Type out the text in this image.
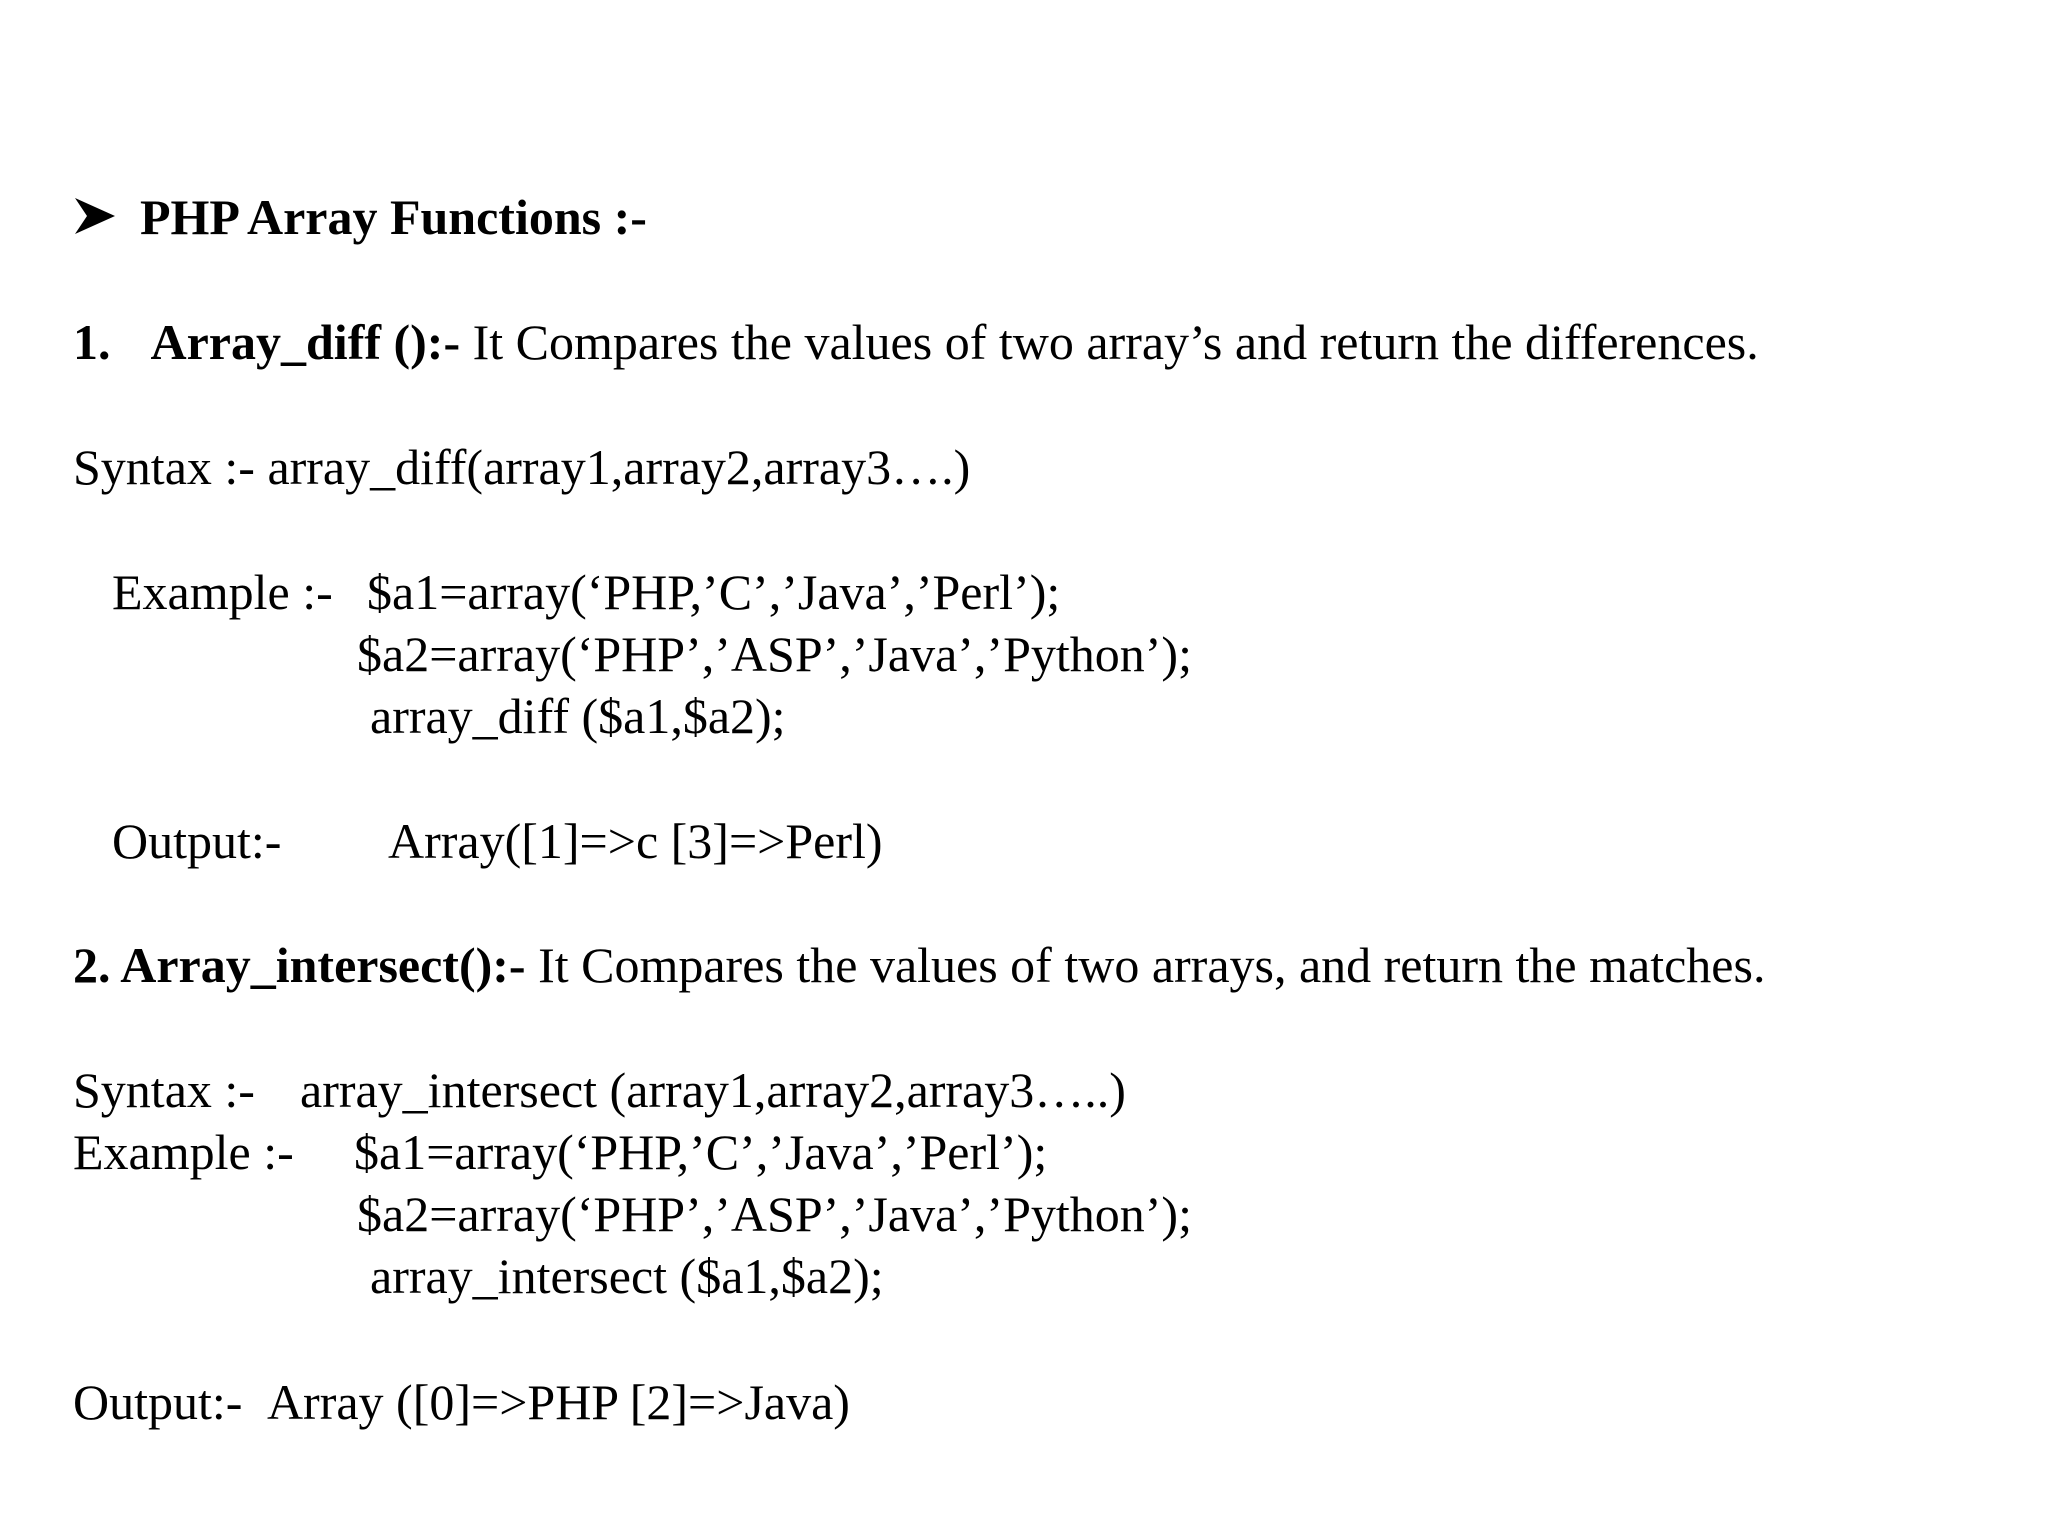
PHP Array Functions :-
1. Array_diff ():- It Compares the values of two array’s and return the differences.
Syntax :- array_diff(array1,array2,array3….)
Example :- $a1=array(‘PHP,’C’,’Java’,’Perl’);
$a2=array(‘PHP’,’ASP’,’Java’,’Python’);
array_diff ($a1,$a2);
Output:- Array([1]=>c [3]=>Perl)
2. Array_intersect():- It Compares the values of two arrays, and return the matches.
Syntax :- array_intersect (array1,array2,array3…..)
Example :- $a1=array(‘PHP,’C’,’Java’,’Perl’);
$a2=array(‘PHP’,’ASP’,’Java’,’Python’);
array_intersect ($a1,$a2);
Output:- Array ([0]=>PHP [2]=>Java)
